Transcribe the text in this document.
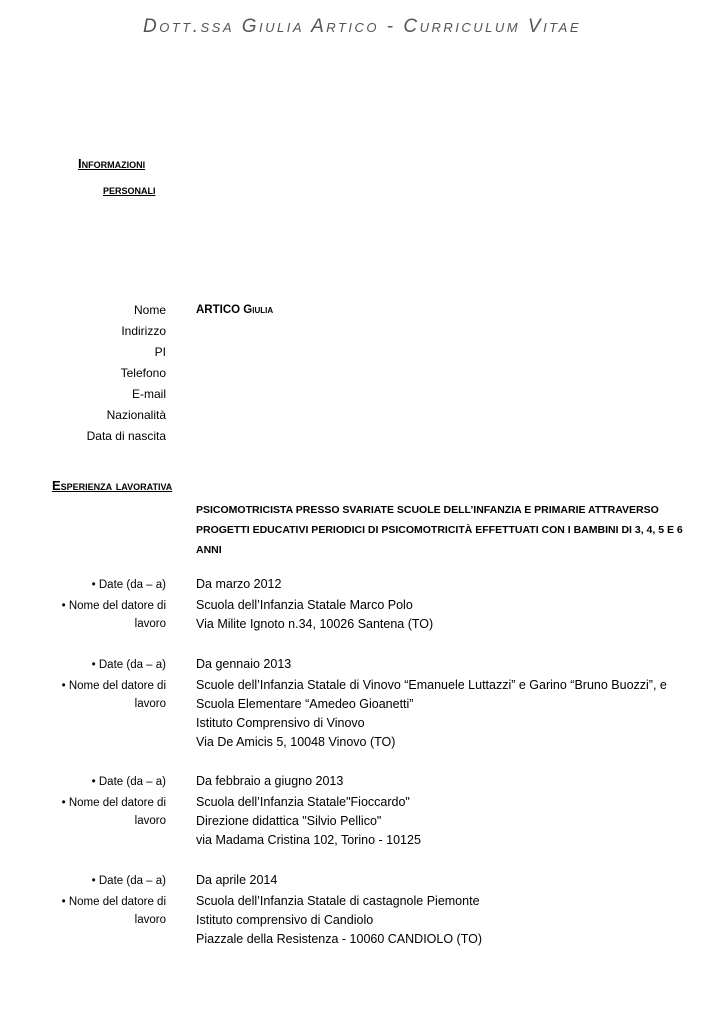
Dott.ssa Giulia Artico - Curriculum Vitae
Informazioni
personali
Nome
Indirizzo
PI
Telefono
E-mail
Nazionalità
Data di nascita
ARTICO Giulia
Esperienza lavorativa
PSICOMOTRICISTA PRESSO SVARIATE SCUOLE DELL’INFANZIA E PRIMARIE ATTRAVERSO PROGETTI EDUCATIVI PERIODICI DI PSICOMOTRICITÀ EFFETTUATI CON I BAMBINI DI 3, 4, 5 E 6 ANNI
• Date (da – a)
• Nome del datore di lavoro
Da marzo 2012
Scuola dell’Infanzia Statale Marco Polo
Via Milite Ignoto n.34, 10026 Santena (TO)
• Date (da – a)
• Nome del datore di lavoro
Da gennaio 2013
Scuole dell’Infanzia Statale di Vinovo “Emanuele Luttazzi” e Garino “Bruno Buozzi”, e
Scuola Elementare “Amedeo Gioanetti”
Istituto Comprensivo di Vinovo
Via De Amicis 5, 10048 Vinovo (TO)
• Date (da – a)
• Nome del datore di lavoro
Da febbraio a giugno 2013
Scuola dell’Infanzia Statale"Fioccardo"
Direzione didattica "Silvio Pellico"
via Madama Cristina 102, Torino - 10125
• Date (da – a)
• Nome del datore di lavoro
Da aprile 2014
Scuola dell’Infanzia Statale di castagnole Piemonte
Istituto comprensivo di Candiolo
Piazzale della Resistenza - 10060 CANDIOLO (TO)
